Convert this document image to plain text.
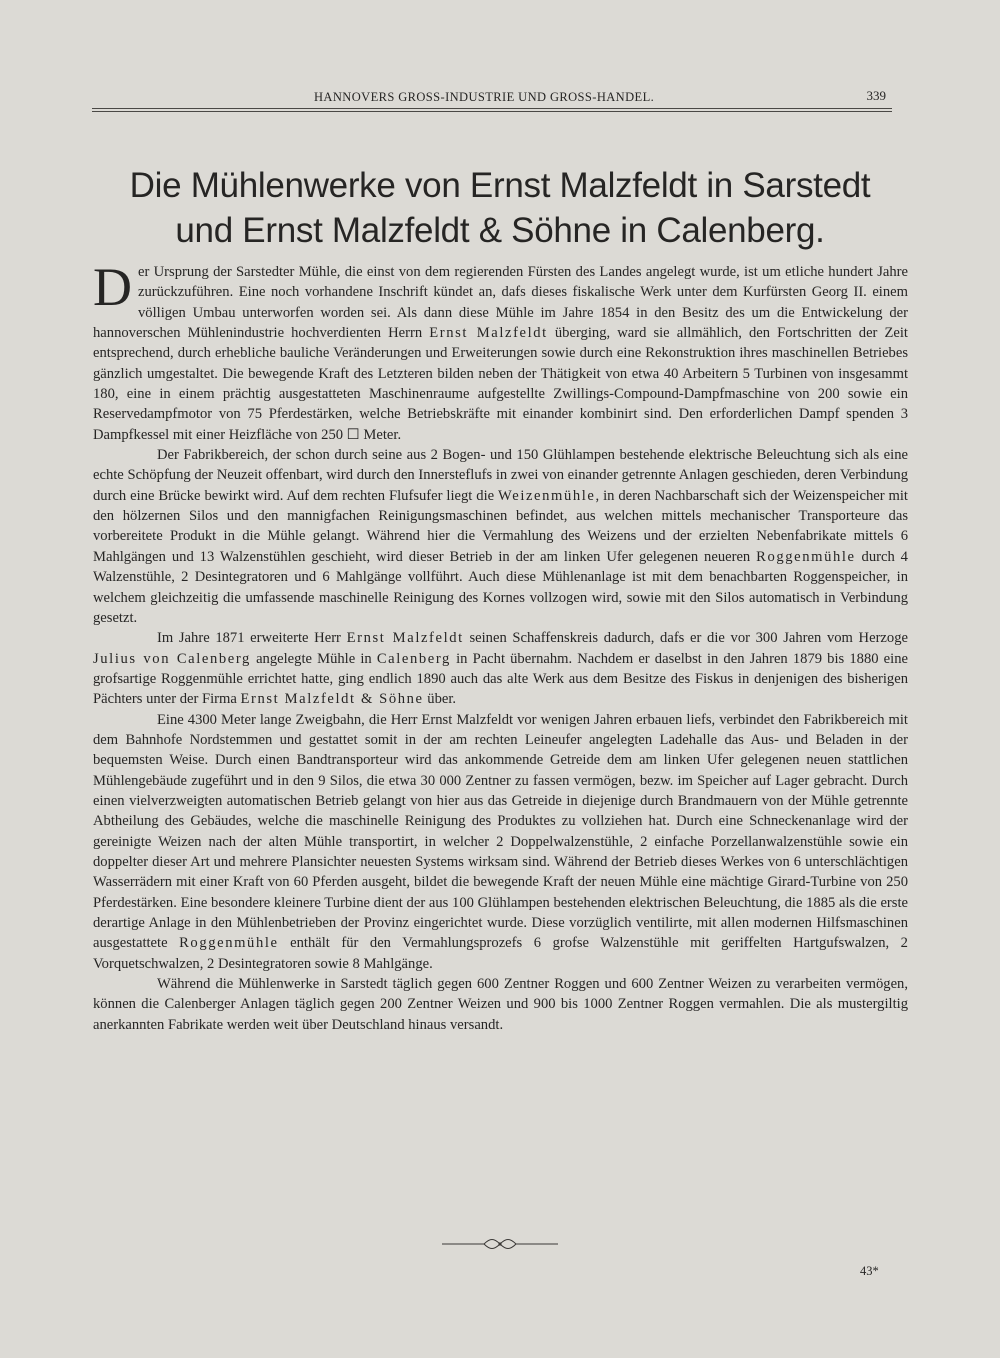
HANNOVERS GROSS-INDUSTRIE UND GROSS-HANDEL.	339
Die Mühlenwerke von Ernst Malzfeldt in Sarstedt
und Ernst Malzfeldt & Söhne in Calenberg.

Der Ursprung der Sarstedter Mühle, die einst von dem regierenden Fürsten des Landes angelegt wurde, ist um etliche hundert Jahre zurückzuführen. Eine noch vorhandene Inschrift kündet an, dafs dieses fiskalische Werk unter dem Kurfürsten Georg II. einem völligen Umbau unterworfen worden sei. Als dann diese Mühle im Jahre 1854 in den Besitz des um die Entwickelung der hannoverschen Mühlenindustrie hochverdienten Herrn Ernst Malzfeldt überging, ward sie allmählich, den Fortschritten der Zeit entsprechend, durch erhebliche bauliche Veränderungen und Erweiterungen sowie durch eine Rekonstruktion ihres maschinellen Betriebes gänzlich umgestaltet. Die bewegende Kraft des Letzteren bilden neben der Thätigkeit von etwa 40 Arbeitern 5 Turbinen von insgesammt 180, eine in einem prächtig ausgestatteten Maschinenraume aufgestellte Zwillings-Compound-Dampfmaschine von 200 sowie ein Reservedampfmotor von 75 Pferdestärken, welche Betriebskräfte mit einander kombinirt sind. Den erforderlichen Dampf spenden 3 Dampfkessel mit einer Heizfläche von 250 ☐ Meter.

Der Fabrikbereich, der schon durch seine aus 2 Bogen- und 150 Glühlampen bestehende elektrische Beleuchtung sich als eine echte Schöpfung der Neuzeit offenbart, wird durch den Innersteflufs in zwei von einander getrennte Anlagen geschieden, deren Verbindung durch eine Brücke bewirkt wird. Auf dem rechten Flufsufer liegt die Weizenmühle, in deren Nachbarschaft sich der Weizenspeicher mit den hölzernen Silos und den mannigfachen Reinigungsmaschinen befindet, aus welchen mittels mechanischer Transporteure das vorbereitete Produkt in die Mühle gelangt. Während hier die Vermahlung des Weizens und der erzielten Nebenfabrikate mittels 6 Mahlgängen und 13 Walzenstühlen geschieht, wird dieser Betrieb in der am linken Ufer gelegenen neueren Roggenmühle durch 4 Walzenstühle, 2 Desintegratoren und 6 Mahlgänge vollführt. Auch diese Mühlenanlage ist mit dem benachbarten Roggenspeicher, in welchem gleichzeitig die umfassende maschinelle Reinigung des Kornes vollzogen wird, sowie mit den Silos automatisch in Verbindung gesetzt.

Im Jahre 1871 erweiterte Herr Ernst Malzfeldt seinen Schaffenskreis dadurch, dafs er die vor 300 Jahren vom Herzoge Julius von Calenberg angelegte Mühle in Calenberg in Pacht übernahm. Nachdem er daselbst in den Jahren 1879 bis 1880 eine grofsartige Roggenmühle errichtet hatte, ging endlich 1890 auch das alte Werk aus dem Besitze des Fiskus in denjenigen des bisherigen Pächters unter der Firma Ernst Malzfeldt & Söhne über.

Eine 4300 Meter lange Zweigbahn, die Herr Ernst Malzfeldt vor wenigen Jahren erbauen liefs, verbindet den Fabrikbereich mit dem Bahnhofe Nordstemmen und gestattet somit in der am rechten Leineufer angelegten Ladehalle das Aus- und Beladen in der bequemsten Weise. Durch einen Bandtransporteur wird das ankommende Getreide dem am linken Ufer gelegenen neuen stattlichen Mühlengebäude zugeführt und in den 9 Silos, die etwa 30 000 Zentner zu fassen vermögen, bezw. im Speicher auf Lager gebracht. Durch einen vielverzweigten automatischen Betrieb gelangt von hier aus das Getreide in diejenige durch Brandmauern von der Mühle getrennte Abtheilung des Gebäudes, welche die maschinelle Reinigung des Produktes zu vollziehen hat. Durch eine Schneckenanlage wird der gereinigte Weizen nach der alten Mühle transportirt, in welcher 2 Doppelwalzenstühle, 2 einfache Porzellanwalzenstühle sowie ein doppelter dieser Art und mehrere Plansichter neuesten Systems wirksam sind. Während der Betrieb dieses Werkes von 6 unterschlächtigen Wasserrädern mit einer Kraft von 60 Pferden ausgeht, bildet die bewegende Kraft der neuen Mühle eine mächtige Girard-Turbine von 250 Pferdestärken. Eine besondere kleinere Turbine dient der aus 100 Glühlampen bestehenden elektrischen Beleuchtung, die 1885 als die erste derartige Anlage in den Mühlenbetrieben der Provinz eingerichtet wurde. Diese vorzüglich ventilirte, mit allen modernen Hilfsmaschinen ausgestattete Roggenmühle enthält für den Vermahlungsprozefs 6 grofse Walzenstühle mit geriffelten Hartgufswalzen, 2 Vorquetschwalzen, 2 Desintegratoren sowie 8 Mahlgänge.

Während die Mühlenwerke in Sarstedt täglich gegen 600 Zentner Roggen und 600 Zentner Weizen zu verarbeiten vermögen, können die Calenberger Anlagen täglich gegen 200 Zentner Weizen und 900 bis 1000 Zentner Roggen vermahlen. Die als mustergiltig anerkannten Fabrikate werden weit über Deutschland hinaus versandt.

43*
